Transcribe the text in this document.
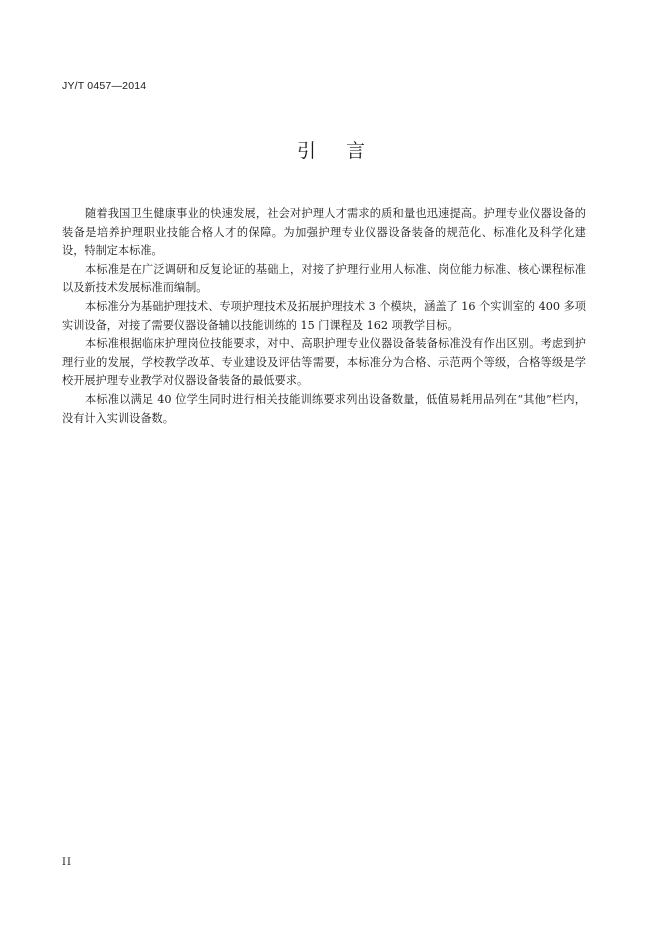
JY/T 0457—2014
引言

随着我国卫生健康事业的快速发展，社会对护理人才需求的质和量也迅速提高。护理专业仪器设备的装备是培养护理职业技能合格人才的保障。为加强护理专业仪器设备装备的规范化、标准化及科学化建设，特制定本标准。

本标准是在广泛调研和反复论证的基础上，对接了护理行业用人标准、岗位能力标准、核心课程标准以及新技术发展标准而编制。

本标准分为基础护理技术、专项护理技术及拓展护理技术 3 个模块，涵盖了 16 个实训室的 400 多项实训设备，对接了需要仪器设备辅以技能训练的 15 门课程及 162 项教学目标。

本标准根据临床护理岗位技能要求，对中、高职护理专业仪器设备装备标准没有作出区别。考虑到护理行业的发展，学校教学改革、专业建设及评估等需要，本标准分为合格、示范两个等级，合格等级是学校开展护理专业教学对仪器设备装备的最低要求。

本标准以满足 40 位学生同时进行相关技能训练要求列出设备数量，低值易耗用品列在“其他”栏内，没有计入实训设备数。

II
